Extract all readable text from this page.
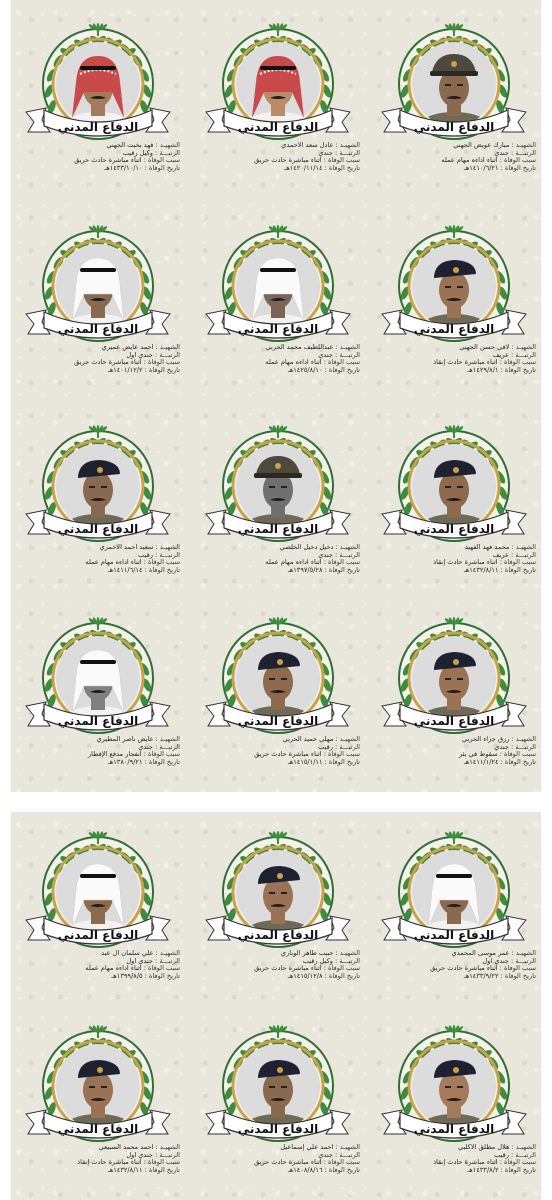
الدفاع المدني
الشهيـد : مبارك عويض الجهني
الرتبـــة : جندي
سبب الوفاة : أثناء أداءه مهام عمله
تاريخ الوفاة : ١٤١٠/٦/٢١هـ
الدفاع المدني
الشهيـد : عادل سعد الأحمدي
الرتبـــة : جندي
سبب الوفاة : أثناء مباشرة حادث حريق
تاريخ الوفاة : ١٤٢٠/١١/١٤هـ
الدفاع المدني
الشهيـد : فهد بخيت الجهني
الرتبـــة : وكيل رقيب
سبب الوفاة : أثناء مباشرة حادث حريق
تاريخ الوفاة : ١٤٣٣/١٠/١٠هـ
الدفاع المدني
الشهيـد : لافي حسن الجهني
الرتبـــة : عريف
سبب الوفاة : أثناء مباشرة حادث إنقاذ
تاريخ الوفاة : ١٤٢٩/٨/١هـ
الدفاع المدني
الشهيـد : عبداللطيف محمد الحربي
الرتبـــة : جندي
سبب الوفاة : أثناء أداءه مهام عمله
تاريخ الوفاة : ١٤٢٥/٨/١٠هـ
الدفاع المدني
الشهيـد : أحمد عايض عميري
الرتبـــة : جندي أول
سبب الوفاة : أثناء مباشرة حادث حريق
تاريخ الوفاة : ١٤٠١/١٢/٢هـ
الدفاع المدني
الشهيـد : محمد فهد الفهيد
الرتبـــة : عريف
سبب الوفاة : أثناء مباشرة حادث إنقاذ
تاريخ الوفاة : ١٤٣٢/٨/١١هـ
الدفاع المدني
الشهيـد : دخيل دخيل الخلصي
الرتبـــة : جندي
سبب الوفاة : أثناء أداءه مهام عمله
تاريخ الوفاة : ١٣٩٧/٥/٢٨هـ
الدفاع المدني
الشهيـد : سعيد أحمد الأحمري
الرتبـــة : رقيب
سبب الوفاة : أثناء أداءه مهام عمله
تاريخ الوفاة : ١٤١١/٦/١٤هـ
الدفاع المدني
الشهيـد : رزق جزاء الحربي
الرتبـــة : جندي
سبب الوفاة : سقوط في بئر
تاريخ الوفاة : ١٤١١/١/٢٤هـ
الدفاع المدني
الشهيـد : مهلي حميد الحربي
الرتبـــة : رقيب
سبب الوفاة : أثناء مباشرة حادث حريق
تاريخ الوفاة : ١٤١٥/١/١١هـ
الدفاع المدني
الشهيـد : عايض ناصر المطيري
الرتبـــة : جندي
سبب الوفاة : انفجار مدفع الإفطار
تاريخ الوفاة : ١٣٨٠/٩/٢١هـ
الدفاع المدني
الشهيـد : عمر موسى المحمدي
الرتبـــة : جندي أول
سبب الوفاة : أثناء مباشرة حادث حريق
تاريخ الوفاة : ١٤٣٣/٩/٢٢هـ
الدفاع المدني
الشهيـد : حبيب طاهر الوباري
الرتبـــة : وكيل رقيب
سبب الوفاة : أثناء مباشرة حادث حريق
تاريخ الوفاة : ١٤١٥/١٢/٨هـ
الدفاع المدني
الشهيـد : علي سلمان آل عبد
الرتبـــة : جندي أول
سبب الوفاة : أثناء أداءه مهام عمله
تاريخ الوفاة : ١٣٩٩/٨/٥هـ
الدفاع المدني
الشهيـد : هلال مطلق الأكلبي
الرتبـــة : رقيب
سبب الوفاة : أثناء مباشرة حادث إنقاذ
تاريخ الوفاة : ١٤٣٣/٨/٢هـ
الدفاع المدني
الشهيـد : أحمد علي إسماعيل
الرتبـــة : جندي
سبب الوفاة : أثناء مباشرة حادث حريق
تاريخ الوفاة : ١٤٠٨/٨/١٦هـ
الدفاع المدني
الشهيـد : أحمد محمد السبيعي
الرتبـــة : جندي أول
سبب الوفاة : أثناء مباشرة حادث إنقاذ
تاريخ الوفاة : ١٤٣٢/٨/١١هـ
